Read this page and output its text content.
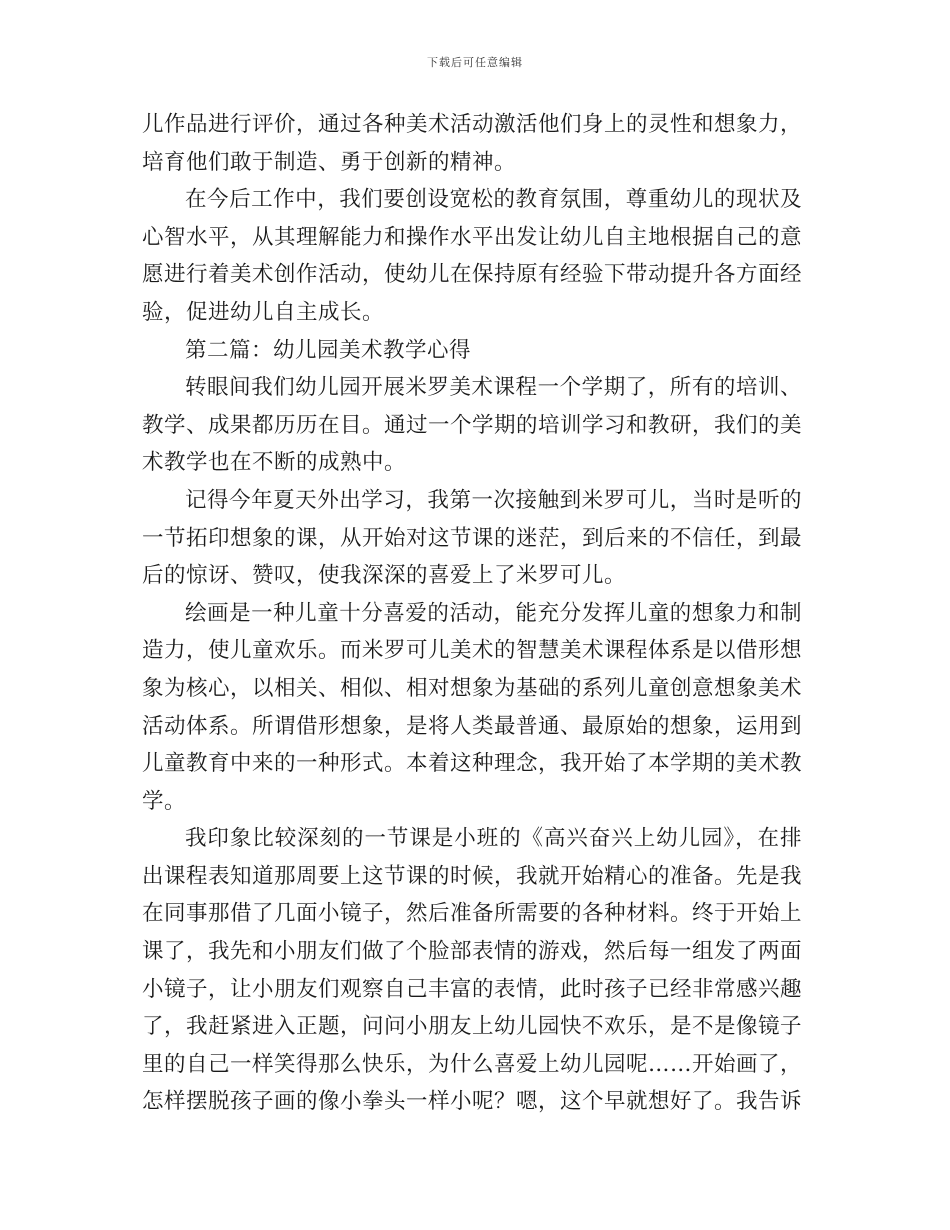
下载后可任意编辑

儿作品进行评价，通过各种美术活动激活他们身上的灵性和想象力，培育他们敢于制造、勇于创新的精神。

在今后工作中，我们要创设宽松的教育氛围，尊重幼儿的现状及心智水平，从其理解能力和操作水平出发让幼儿自主地根据自己的意愿进行着美术创作活动，使幼儿在保持原有经验下带动提升各方面经验，促进幼儿自主成长。

第二篇：幼儿园美术教学心得

转眼间我们幼儿园开展米罗美术课程一个学期了，所有的培训、教学、成果都历历在目。通过一个学期的培训学习和教研，我们的美术教学也在不断的成熟中。

记得今年夏天外出学习，我第一次接触到米罗可儿，当时是听的一节拓印想象的课，从开始对这节课的迷茫，到后来的不信任，到最后的惊讶、赞叹，使我深深的喜爱上了米罗可儿。

绘画是一种儿童十分喜爱的活动，能充分发挥儿童的想象力和制造力，使儿童欢乐。而米罗可儿美术的智慧美术课程体系是以借形想象为核心，以相关、相似、相对想象为基础的系列儿童创意想象美术活动体系。所谓借形想象，是将人类最普通、最原始的想象，运用到儿童教育中来的一种形式。本着这种理念，我开始了本学期的美术教学。

我印象比较深刻的一节课是小班的《高兴奋兴上幼儿园》，在排出课程表知道那周要上这节课的时候，我就开始精心的准备。先是我在同事那借了几面小镜子，然后准备所需要的各种材料。终于开始上课了，我先和小朋友们做了个脸部表情的游戏，然后每一组发了两面小镜子，让小朋友们观察自己丰富的表情，此时孩子已经非常感兴趣了，我赶紧进入正题，问问小朋友上幼儿园快不欢乐，是不是像镜子里的自己一样笑得那么快乐，为什么喜爱上幼儿园呢……开始画了，怎样摆脱孩子画的像小拳头一样小呢？嗯，这个早就想好了。我告诉
